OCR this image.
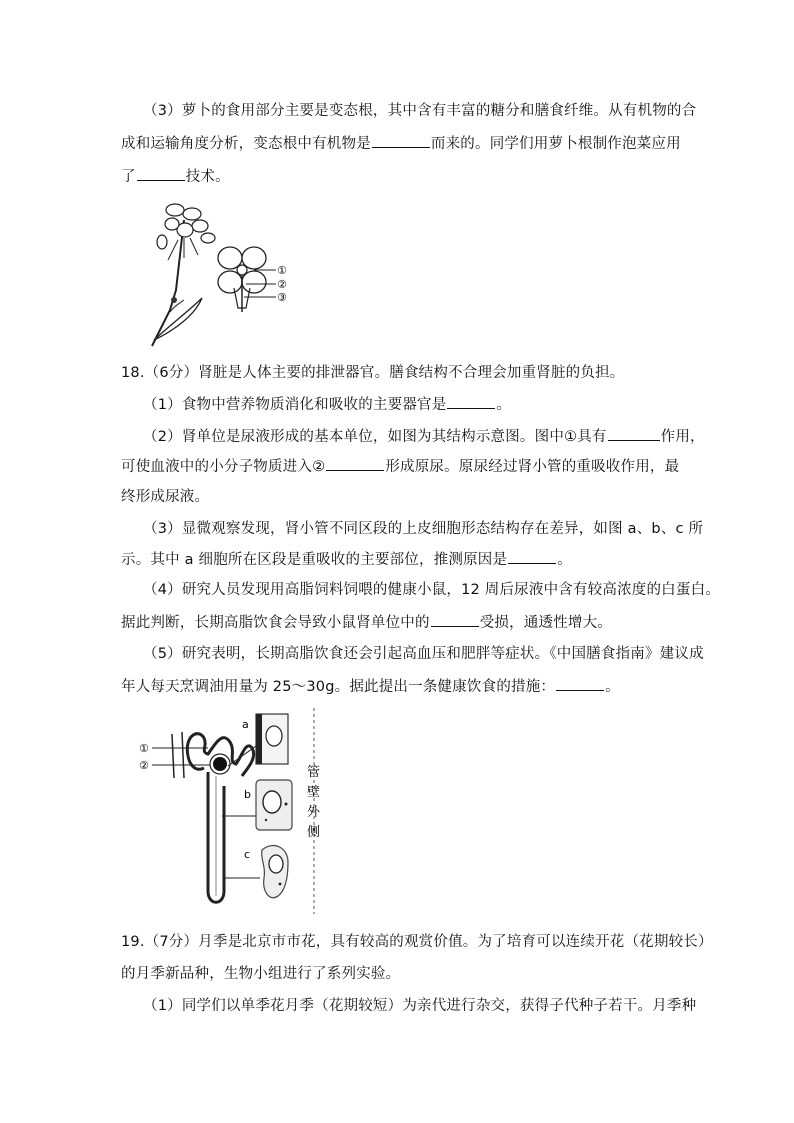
（3）萝卜的食用部分主要是变态根，其中含有丰富的糖分和膳食纤维。从有机物的合
成和运输角度分析，变态根中有机物是	而来的。同学们用萝卜根制作泡菜应用
了	技术。
①
②
③
18.（6分）肾脏是人体主要的排泄器官。膳食结构不合理会加重肾脏的负担。
（1）食物中营养物质消化和吸收的主要器官是	。
（2）肾单位是尿液形成的基本单位，如图为其结构示意图。图中①具有	作用，
可使血液中的小分子物质进入②	形成原尿。原尿经过肾小管的重吸收作用，最
终形成尿液。
（3）显微观察发现，肾小管不同区段的上皮细胞形态结构存在差异，如图 a、b、c 所
示。其中 a 细胞所在区段是重吸收的主要部位，推测原因是	。
（4）研究人员发现用高脂饲料饲喂的健康小鼠，12 周后尿液中含有较高浓度的白蛋白。
据此判断，长期高脂饮食会导致小鼠肾单位中的	受损，通透性增大。
（5）研究表明，长期高脂饮食还会引起高血压和肥胖等症状。《中国膳食指南》建议成
年人每天烹调油用量为 25～30g。据此提出一条健康饮食的措施：	。
①
②
a
b
c
管
壁
外
侧
19.（7分）月季是北京市市花，具有较高的观赏价值。为了培育可以连续开花（花期较长）
的月季新品种，生物小组进行了系列实验。
（1）同学们以单季花月季（花期较短）为亲代进行杂交，获得子代种子若干。月季种
